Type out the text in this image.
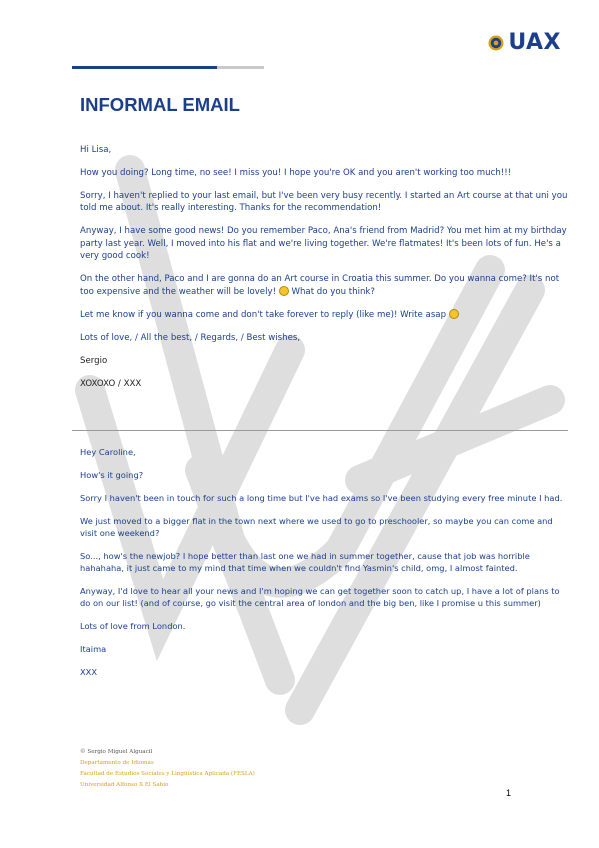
UAX
INFORMAL EMAIL

Hi Lisa,

How you doing? Long time, no see! I miss you! I hope you're OK and you aren't working too much!!!

Sorry, I haven't replied to your last email, but I've been very busy recently. I started an Art course at that uni you told me about. It's really interesting. Thanks for the recommendation!

Anyway, I have some good news! Do you remember Paco, Ana's friend from Madrid? You met him at my birthday party last year. Well, I moved into his flat and we're living together. We're flatmates! It's been lots of fun. He's a very good cook!

On the other hand, Paco and I are gonna do an Art course in Croatia this summer. Do you wanna come? It's not too expensive and the weather will be lovely! What do you think?

Let me know if you wanna come and don't take forever to reply (like me)! Write asap

Lots of love, / All the best, / Regards, / Best wishes,

Sergio

XOXOXO / XXX

Hey Caroline,

How's it going?

Sorry I haven't been in touch for such a long time but I've had exams so I've been studying every free minute I had.

We just moved to a bigger flat in the town next where we used to go to preschooler, so maybe you can come and visit one weekend?

So..., how's the newjob? I hope better than last one we had in summer together, cause that job was horrible hahahaha, it just came to my mind that time when we couldn't find Yasmin's child, omg, I almost fainted.

Anyway, I'd love to hear all your news and I'm hoping we can get together soon to catch up, I have a lot of plans to do on our list! (and of course, go visit the central area of london and the big ben, like I promise u this summer)

Lots of love from London.

Itaima

XXX

© Sergio Miguel Alguacil
Departamento de Idiomas
Facultad de Estudios Sociales y Lingüística Aplicada (FESLA)
Universidad Alfonso X El Sabio
1
